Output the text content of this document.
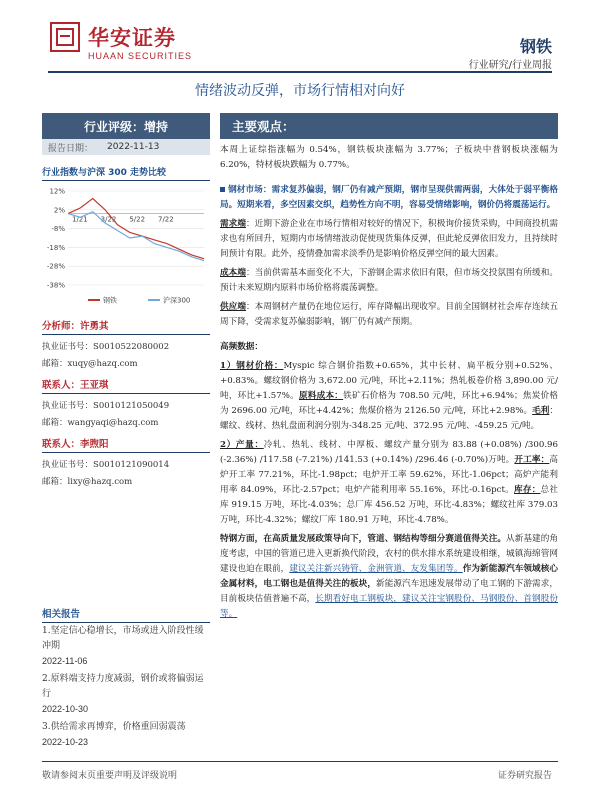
华安证券
HUAAN SECURITIES	钢铁
行业研究/行业周报
情绪波动反弹，市场行情相对向好
行业评级：增持
报告日期： 2022-11-13
行业指数与沪深 300 走势比较
12%
2%
-8%
-18%
-28%
-38%
1/21 3/22 5/22 7/22
钢铁	沪深300
分析师：许勇其
执业证书号：S0010522080002
邮箱：xuqy@hazq.com
联系人：王亚琪
执业证书号：S0010121050049
邮箱：wangyaqi@hazq.com
联系人：李煦阳
执业证书号：S0010121090014
邮箱：lixy@hazq.com
相关报告
1.坚定信心稳增长，市场或进入阶段性缓冲期
2022-11-06
2.原料端支持力度减弱，钢价或将偏弱运行
2022-10-30
3.供给需求再博弈，价格重回弱震荡
2022-10-23
主要观点：

本周上证综指涨幅为 0.54%，钢铁板块涨幅为 3.77%；子板块中普钢板块涨幅为 6.20%，特材板块跌幅为 0.77%。

钢材市场：需求复苏偏弱，钢厂仍有减产预期，钢市呈现供需两弱，大体处于弱平衡格局。短期来看，多空因素交织，趋势性方向不明，容易受情绪影响，钢价仍将震荡运行。

需求端：近期下游企业在市场行情相对较好的情况下，积极询价接货采购，中间商投机需求也有所回升，短期内市场情绪波动促使现货集体反弹，但此轮反弹依旧发力，且持续时间预计有限。此外，疫情叠加需求淡季仍是影响价格反弹空间的最大因素。

成本端：当前供需基本面变化不大，下游钢企需求依旧有限，但市场交投氛围有所缓和。预计未来短期内原料市场价格将震荡调整。

供应端：本周钢材产量仍在地位运行，库存降幅出现收窄。目前全国钢材社会库存连续五周下降，受需求复苏偏弱影响，钢厂仍有减产预期。

高频数据：

1）钢材价格：Myspic 综合钢价指数+0.65%，其中长材、扁平板分别+0.52%、+0.83%。螺纹钢价格为 3,672.00 元/吨，环比+2.11%；热轧板卷价格 3,890.00 元/吨，环比+1.57%。原料成本：铁矿石价格为 708.50 元/吨，环比+6.94%；焦炭价格为 2696.00 元/吨，环比+4.42%；焦煤价格为 2126.50 元/吨，环比+2.98%。毛利：螺纹、线材、热轧盘面利润分别为-348.25 元/吨、372.95 元/吨、-459.25 元/吨。

2）产量：冷轧、热轧、线材、中厚板、螺纹产量分别为 83.88 (+0.08%) /300.96 (-2.36%) /117.58 (-7.21%) /141.53 (+0.14%) /296.46 (-0.70%)万吨。开工率：高炉开工率 77.21%，环比-1.98pct；电炉开工率 59.62%，环比-1.06pct；高炉产能利用率 84.09%，环比-2.57pct；电炉产能利用率 55.16%，环比-0.16pct。库存：总社库 919.15 万吨，环比-4.03%；总厂库 456.52 万吨，环比-4.83%；螺纹社库 379.03 万吨，环比-4.32%；螺纹厂库 180.91 万吨，环比-4.78%。

特钢方面，在高质量发展政策导向下，管道、钢结构等细分赛道值得关注。从新基建的角度考虑，中国的管道已进入更新换代阶段，农村的供水排水系统建设相继，城镇海绵管网建设也迫在眼前，建议关注新兴铸管、金洲管道、友发集团等。作为新能源汽车领域核心金属材料，电工钢也是值得关注的板块，新能源汽车迅速发展带动了电工钢的下游需求，目前板块估值普遍不高，长期看好电工钢板块，建议关注宝钢股份、马钢股份、首钢股份等。

敬请参阅末页重要声明及评级说明	证券研究报告
